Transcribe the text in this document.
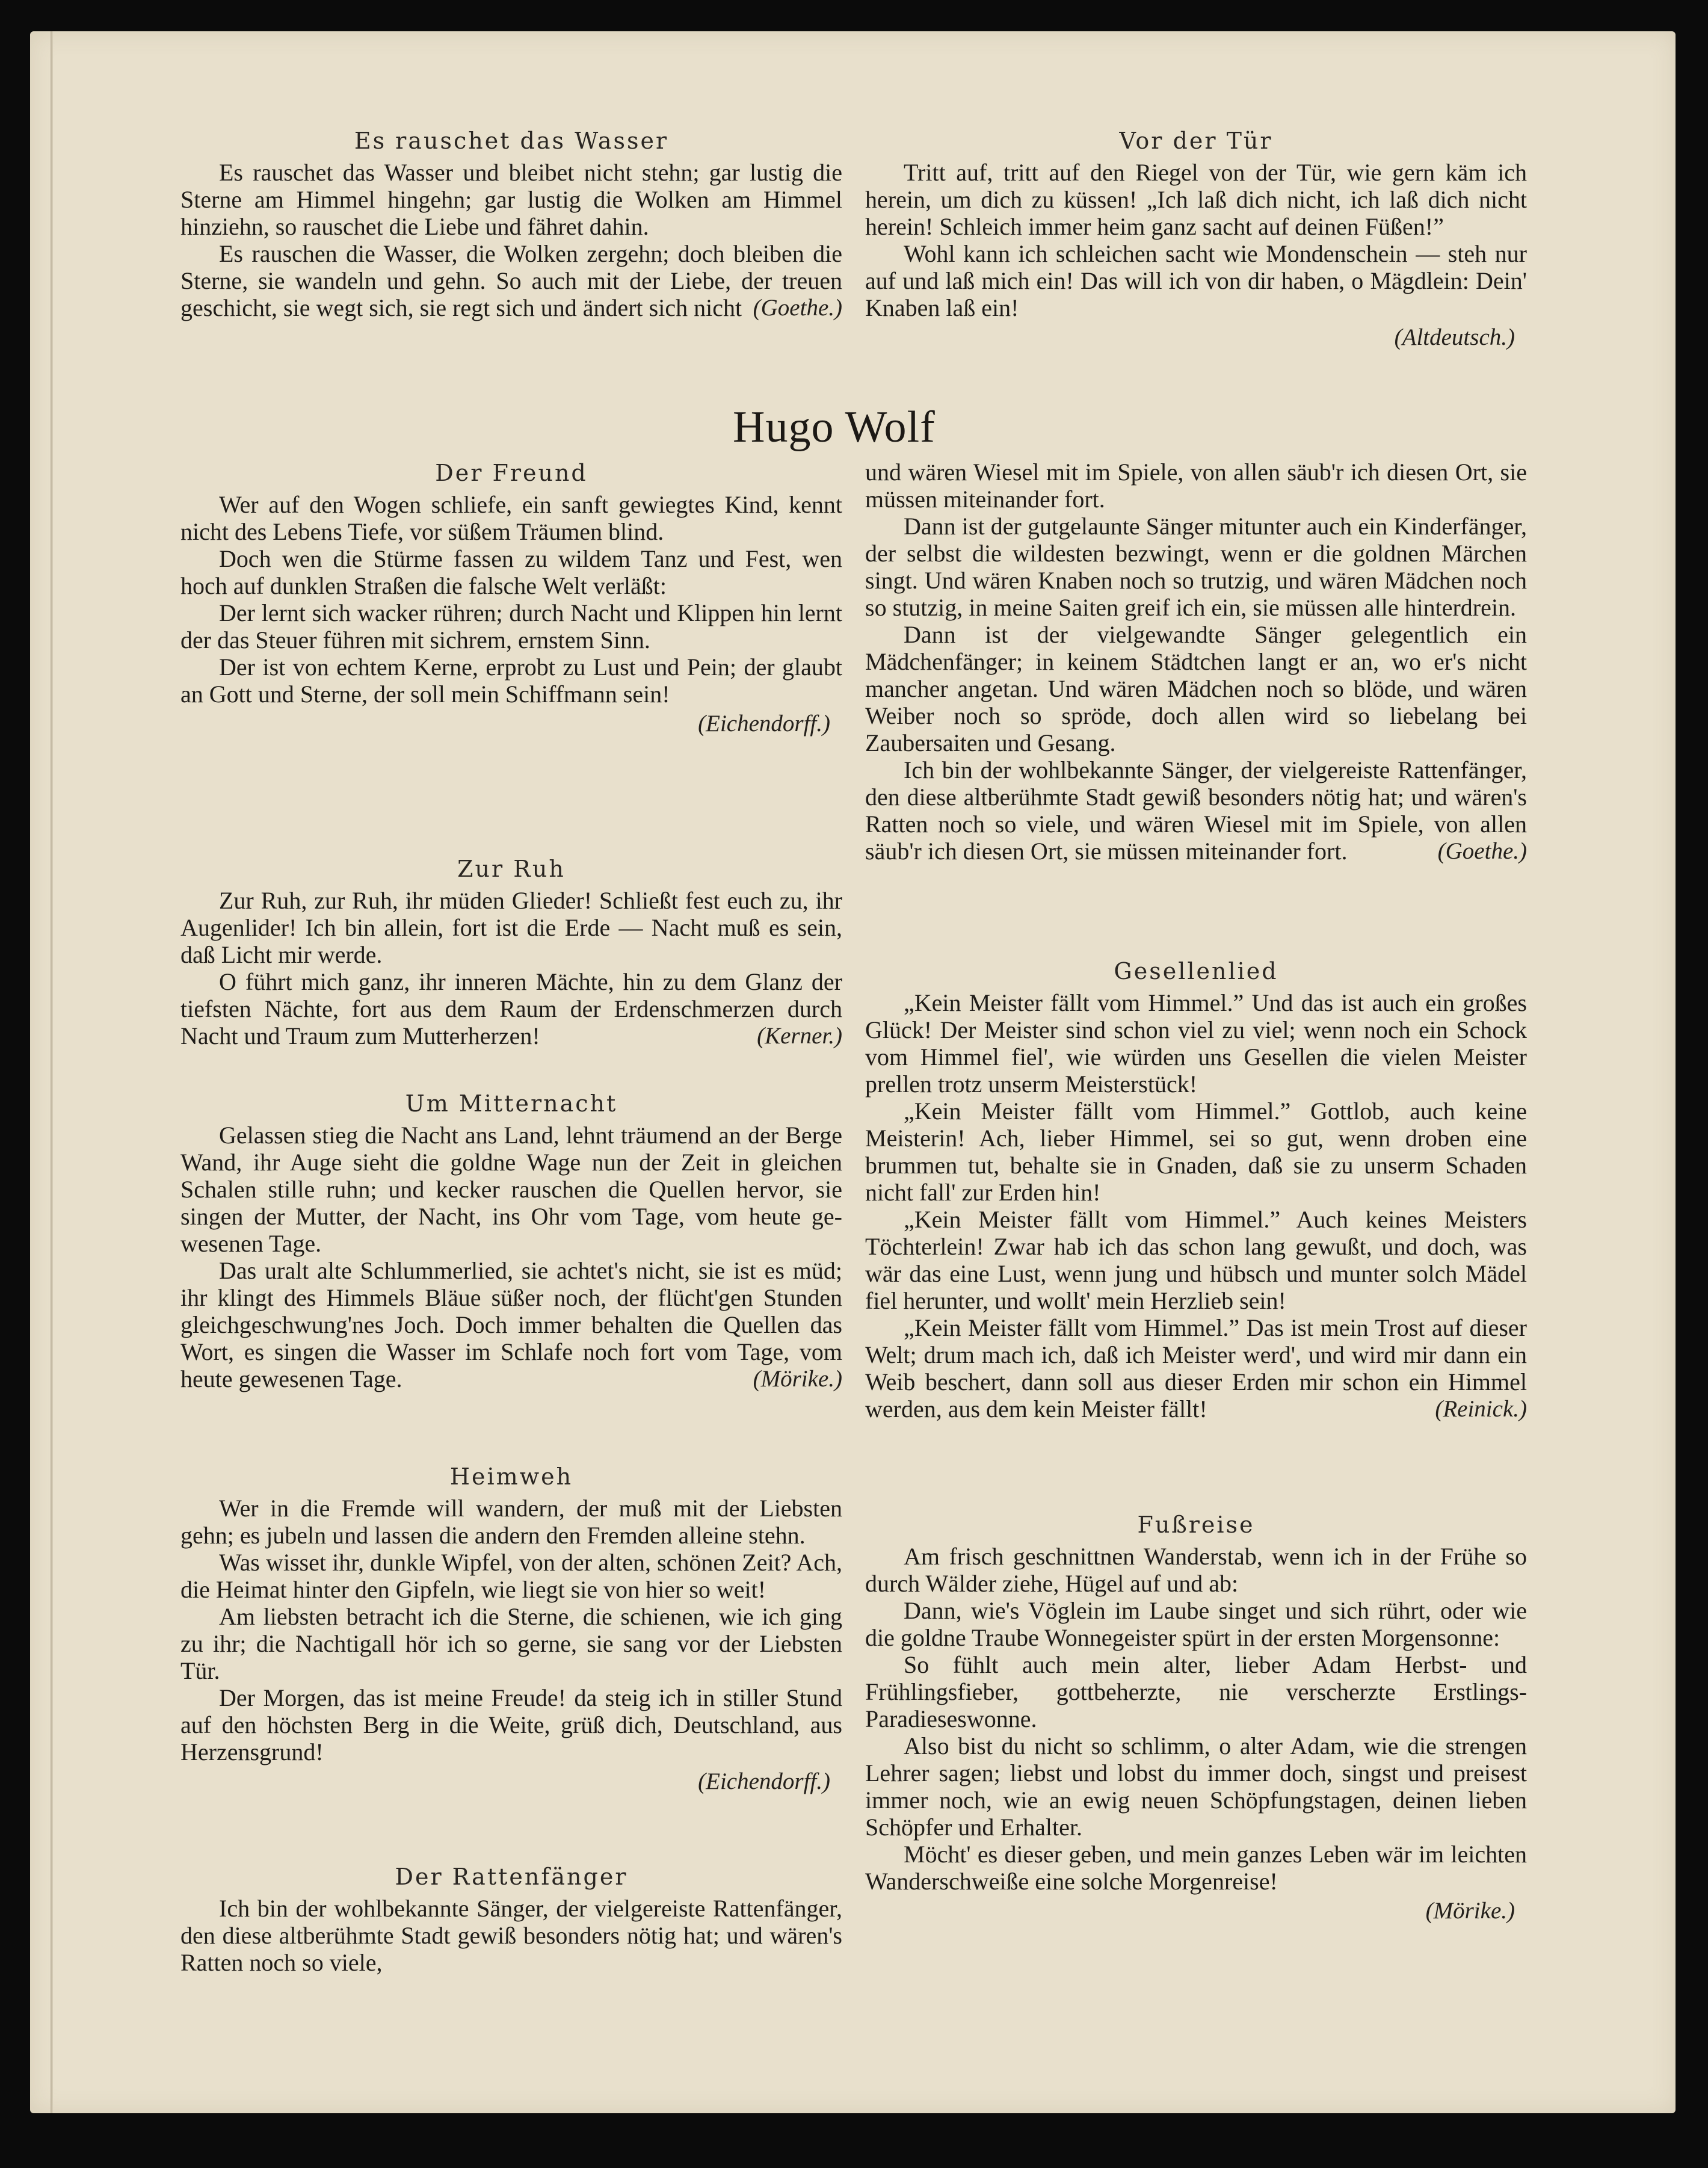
Hugo Wolf
Es rauschet das Wasser

Es rauschet das Wasser und bleibet nicht stehn; gar lustig die Sterne am Himmel hingehn; gar lustig die Wolken am Himmel hinziehn, so rauschet die Liebe und fähret dahin.

Es rauschen die Wasser, die Wolken zergehn; doch bleiben die Sterne, sie wandeln und gehn. So auch mit der Liebe, der treuen geschicht, sie wegt sich, sie regt sich und ändert sich nicht (Goethe.)

Der Freund

Wer auf den Wogen schliefe, ein sanft gewiegtes Kind, kennt nicht des Lebens Tiefe, vor süßem Träumen blind.

Doch wen die Stürme fassen zu wildem Tanz und Fest, wen hoch auf dunklen Straßen die falsche Welt verläßt:

Der lernt sich wacker rühren; durch Nacht und Klippen hin lernt der das Steuer führen mit sichrem, ernstem Sinn.

Der ist von echtem Kerne, erprobt zu Lust und Pein; der glaubt an Gott und Sterne, der soll mein Schiffmann sein!

(Eichendorff.)
Zur Ruh

Zur Ruh, zur Ruh, ihr müden Glieder! Schließt fest euch zu, ihr Augenlider! Ich bin allein, fort ist die Erde — Nacht muß es sein, daß Licht mir werde.

O führt mich ganz, ihr inneren Mächte, hin zu dem Glanz der tiefsten Nächte, fort aus dem Raum der Erdenschmerzen durch Nacht und Traum zum Mutterherzen!	(Kerner.)

Um Mitternacht

Gelassen stieg die Nacht ans Land, lehnt träumend an der Berge Wand, ihr Auge sieht die goldne Wage nun der Zeit in gleichen Schalen stille ruhn; und kecker rauschen die Quellen hervor, sie singen der Mutter, der Nacht, ins Ohr vom Tage, vom heute gewesenen Tage.

Das uralt alte Schlummerlied, sie achtet's nicht, sie ist es müd; ihr klingt des Himmels Bläue süßer noch, der flücht'gen Stunden gleichgeschwung'nes Joch. Doch immer behalten die Quellen das Wort, es singen die Wasser im Schlafe noch fort vom Tage, vom heute gewesenen Tage.	(Mörike.)

Heimweh

Wer in die Fremde will wandern, der muß mit der Liebsten gehn; es jubeln und lassen die andern den Fremden alleine stehn.

Was wisset ihr, dunkle Wipfel, von der alten, schönen Zeit? Ach, die Heimat hinter den Gipfeln, wie liegt sie von hier so weit!

Am liebsten betracht ich die Sterne, die schienen, wie ich ging zu ihr; die Nachtigall hör ich so gerne, sie sang vor der Liebsten Tür.

Der Morgen, das ist meine Freude! da steig ich in stiller Stund auf den höchsten Berg in die Weite, grüß dich, Deutschland, aus Herzensgrund!

(Eichendorff.)
Der Rattenfänger

Ich bin der wohlbekannte Sänger, der vielgereiste Rattenfänger, den diese altberühmte Stadt gewiß besonders nötig hat; und wären's Ratten noch so viele,

Vor der Tür

Tritt auf, tritt auf den Riegel von der Tür, wie gern käm ich herein, um dich zu küssen! „Ich laß dich nicht, ich laß dich nicht herein! Schleich immer heim ganz sacht auf deinen Füßen!”

Wohl kann ich schleichen sacht wie Mondenschein — steh nur auf und laß mich ein! Das will ich von dir haben, o Mägdlein: Dein' Knaben laß ein!

(Altdeutsch.)

und wären Wiesel mit im Spiele, von allen säub'r ich diesen Ort, sie müssen miteinander fort.

Dann ist der gutgelaunte Sänger mitunter auch ein Kinderfänger, der selbst die wildesten bezwingt, wenn er die goldnen Märchen singt. Und wären Knaben noch so trutzig, und wären Mädchen noch so stutzig, in meine Saiten greif ich ein, sie müssen alle hinterdrein.

Dann ist der vielgewandte Sänger gelegentlich ein Mädchenfänger; in keinem Städtchen langt er an, wo er's nicht mancher angetan. Und wären Mädchen noch so blöde, und wären Weiber noch so spröde, doch allen wird so liebelang bei Zaubersaiten und Gesang.

Ich bin der wohlbekannte Sänger, der vielgereiste Rattenfänger, den diese altberühmte Stadt gewiß besonders nötig hat; und wären's Ratten noch so viele, und wären Wiesel mit im Spiele, von allen säub'r ich diesen Ort, sie müssen miteinander fort.	(Goethe.)

Gesellenlied

„Kein Meister fällt vom Himmel.” Und das ist auch ein großes Glück! Der Meister sind schon viel zu viel; wenn noch ein Schock vom Himmel fiel', wie würden uns Gesellen die vielen Meister prellen trotz unserm Meisterstück!

„Kein Meister fällt vom Himmel.” Gottlob, auch keine Meisterin! Ach, lieber Himmel, sei so gut, wenn droben eine brummen tut, behalte sie in Gnaden, daß sie zu unserm Schaden nicht fall' zur Erden hin!

„Kein Meister fällt vom Himmel.” Auch keines Meisters Töchterlein! Zwar hab ich das schon lang gewußt, und doch, was wär das eine Lust, wenn jung und hübsch und munter solch Mädel fiel herunter, und wollt' mein Herzlieb sein!

„Kein Meister fällt vom Himmel.” Das ist mein Trost auf dieser Welt; drum mach ich, daß ich Meister werd', und wird mir dann ein Weib beschert, dann soll aus dieser Erden mir schon ein Himmel werden, aus dem kein Meister fällt!	(Reinick.)

Fußreise

Am frisch geschnittnen Wanderstab, wenn ich in der Frühe so durch Wälder ziehe, Hügel auf und ab:

Dann, wie's Vöglein im Laube singet und sich rührt, oder wie die goldne Traube Wonnegeister spürt in der ersten Morgensonne:

So fühlt auch mein alter, lieber Adam Herbst- und Frühlingsfieber, gottbeherzte, nie verscherzte Erstlings-Paradieseswonne.

Also bist du nicht so schlimm, o alter Adam, wie die strengen Lehrer sagen; liebst und lobst du immer doch, singst und preisest immer noch, wie an ewig neuen Schöpfungstagen, deinen lieben Schöpfer und Erhalter.

Möcht' es dieser geben, und mein ganzes Leben wär im leichten Wanderschweiße eine solche Morgenreise!

(Mörike.)
